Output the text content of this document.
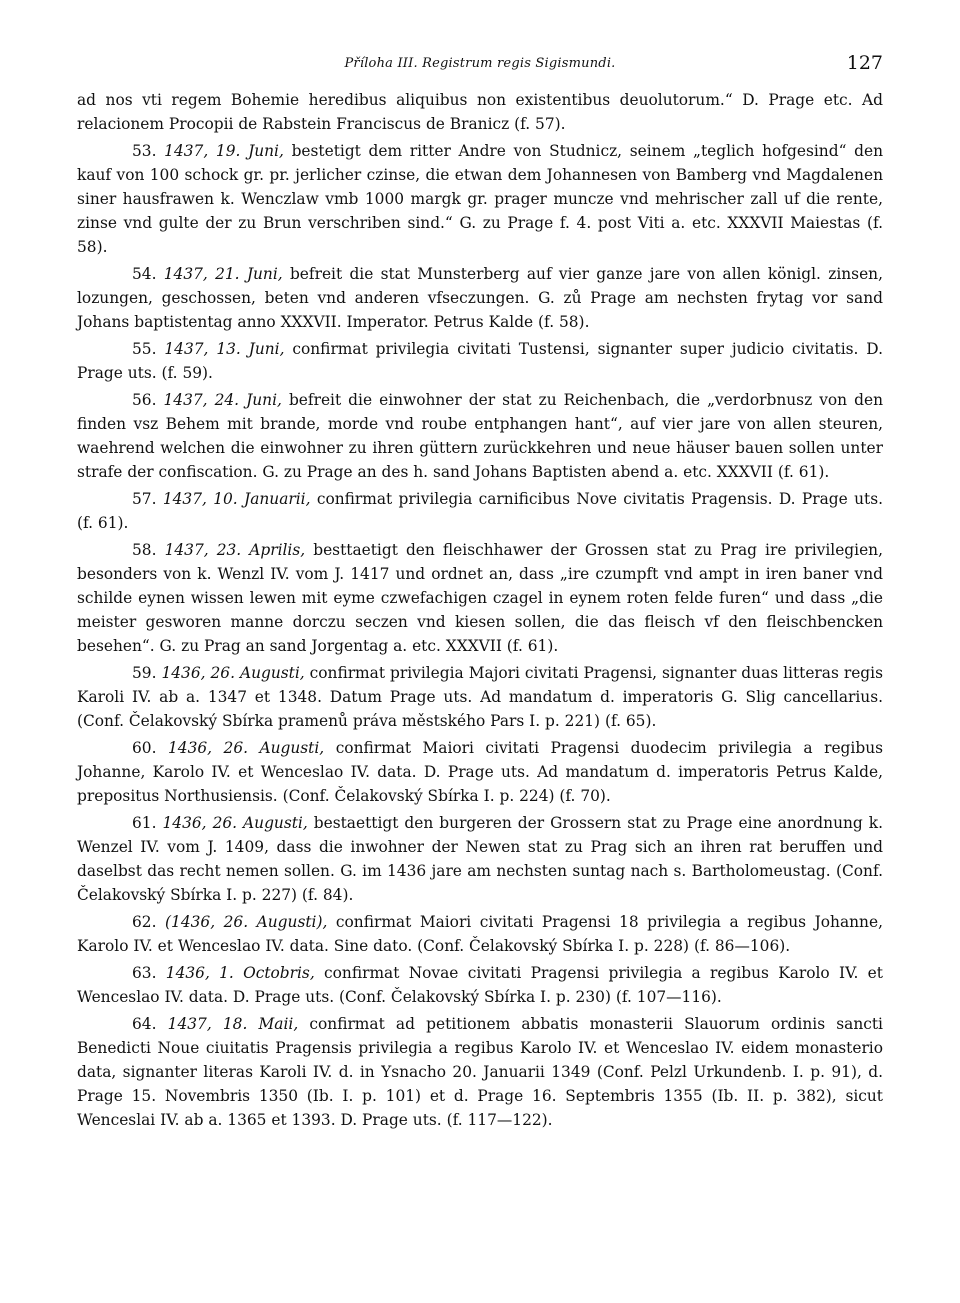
Příloha III. Registrum regis Sigismundi.	127

ad nos vti regem Bohemie heredibus aliquibus non existentibus deuolutorum.“ D. Prage etc. Ad relacionem Procopii de Rabstein Franciscus de Branicz (f. 57).

53. 1437, 19. Juni, bestetigt dem ritter Andre von Studnicz, seinem „teglich hofgesind“ den kauf von 100 schock gr. pr. jerlicher czinse, die etwan dem Johannesen von Bamberg vnd Magdalenen siner hausfrawen k. Wenczlaw vmb 1000 margk gr. prager muncze vnd mehrischer zall uf die rente, zinse vnd gulte der zu Brun verschriben sind.“ G. zu Prage f. 4. post Viti a. etc. XXXVII Maiestas (f. 58).

54. 1437, 21. Juni, befreit die stat Munsterberg auf vier ganze jare von allen königl. zinsen, lozungen, geschossen, beten vnd anderen vfseczungen. G. zů Prage am nechsten frytag vor sand Johans baptistentag anno XXXVII. Imperator. Petrus Kalde (f. 58).

55. 1437, 13. Juni, confirmat privilegia civitati Tustensi, signanter super judicio civitatis. D. Prage uts. (f. 59).

56. 1437, 24. Juni, befreit die einwohner der stat zu Reichenbach, die „verdorbnusz von den finden vsz Behem mit brande, morde vnd roube entphangen hant“, auf vier jare von allen steuren, waehrend welchen die einwohner zu ihren güttern zurückkehren und neue häuser bauen sollen unter strafe der confiscation. G. zu Prage an des h. sand Johans Baptisten abend a. etc. XXXVII (f. 61).

57. 1437, 10. Januarii, confirmat privilegia carnificibus Nove civitatis Pragensis. D. Prage uts. (f. 61).

58. 1437, 23. Aprilis, besttaetigt den fleischhawer der Grossen stat zu Prag ire privilegien, besonders von k. Wenzl IV. vom J. 1417 und ordnet an, dass „ire czumpft vnd ampt in iren baner vnd schilde eynen wissen lewen mit eyme czwefachigen czagel in eynem roten felde furen“ und dass „die meister gesworen manne dorczu seczen vnd kiesen sollen, die das fleisch vf den fleischbencken besehen“. G. zu Prag an sand Jorgentag a. etc. XXXVII (f. 61).

59. 1436, 26. Augusti, confirmat privilegia Majori civitati Pragensi, signanter duas litteras regis Karoli IV. ab a. 1347 et 1348. Datum Prage uts. Ad mandatum d. imperatoris G. Slig cancellarius. (Conf. Čelakovský Sbírka pramenů práva městského Pars I. p. 221) (f. 65).

60. 1436, 26. Augusti, confirmat Maiori civitati Pragensi duodecim privilegia a regibus Johanne, Karolo IV. et Wenceslao IV. data. D. Prage uts. Ad mandatum d. imperatoris Petrus Kalde, prepositus Northusiensis. (Conf. Čelakovský Sbírka I. p. 224) (f. 70).

61. 1436, 26. Augusti, bestaettigt den burgeren der Grossern stat zu Prage eine anordnung k. Wenzel IV. vom J. 1409, dass die inwohner der Newen stat zu Prag sich an ihren rat beruffen und daselbst das recht nemen sollen. G. im 1436 jare am nechsten suntag nach s. Bartholomeustag. (Conf. Čelakovský Sbírka I. p. 227) (f. 84).

62. (1436, 26. Augusti), confirmat Maiori civitati Pragensi 18 privilegia a regibus Johanne, Karolo IV. et Wenceslao IV. data. Sine dato. (Conf. Čelakovský Sbírka I. p. 228) (f. 86—106).

63. 1436, 1. Octobris, confirmat Novae civitati Pragensi privilegia a regibus Karolo IV. et Wenceslao IV. data. D. Prage uts. (Conf. Čelakovský Sbírka I. p. 230) (f. 107—116).

64. 1437, 18. Maii, confirmat ad petitionem abbatis monasterii Slauorum ordinis sancti Benedicti Noue ciuitatis Pragensis privilegia a regibus Karolo IV. et Wenceslao IV. eidem monasterio data, signanter literas Karoli IV. d. in Ysnacho 20. Januarii 1349 (Conf. Pelzl Urkundenb. I. p. 91), d. Prage 15. Novembris 1350 (Ib. I. p. 101) et d. Prage 16. Septembris 1355 (Ib. II. p. 382), sicut Wenceslai IV. ab a. 1365 et 1393. D. Prage uts. (f. 117—122).
